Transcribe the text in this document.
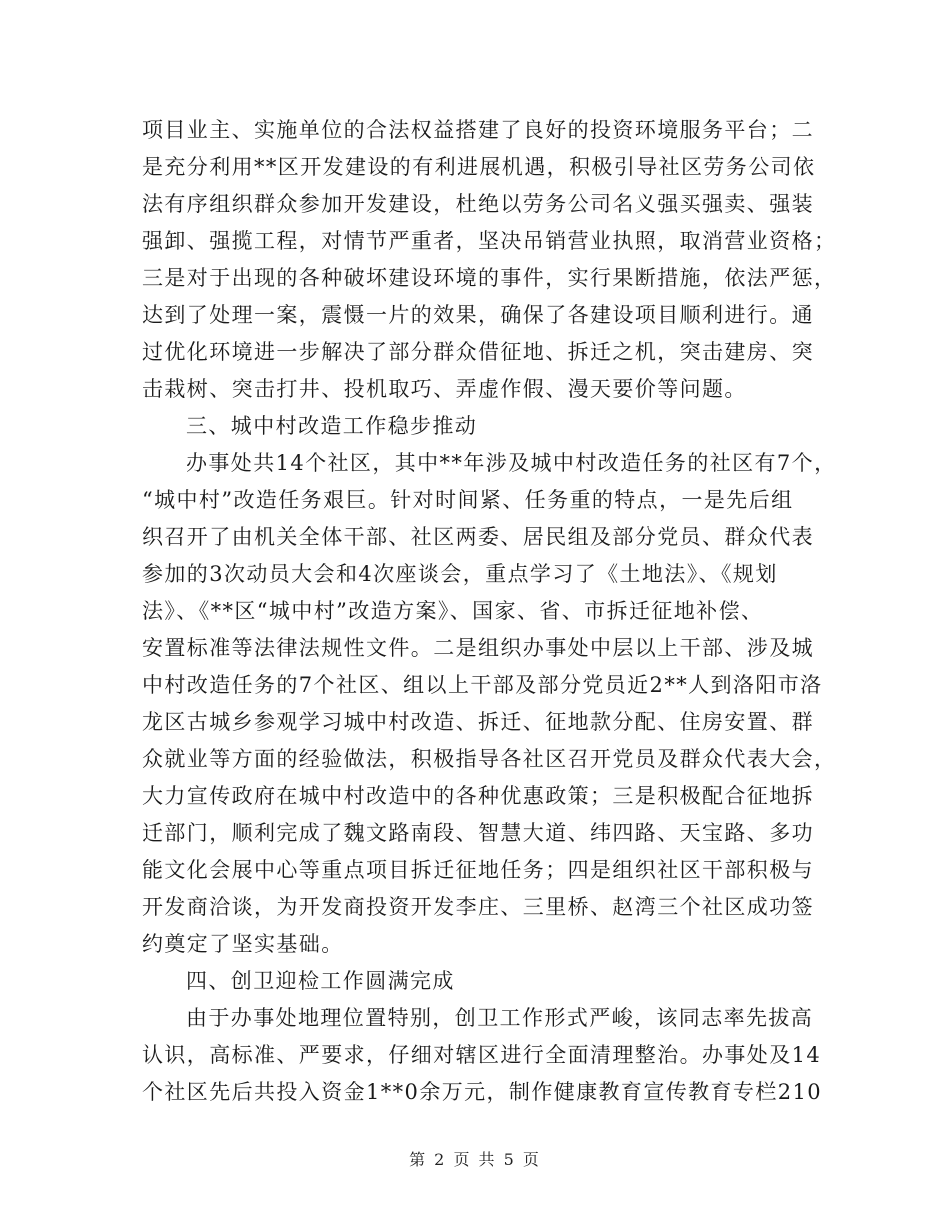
项目业主、实施单位的合法权益搭建了良好的投资环境服务平台；二
是充分利用**区开发建设的有利进展机遇，积极引导社区劳务公司依
法有序组织群众参加开发建设，杜绝以劳务公司名义强买强卖、强装
强卸、强揽工程，对情节严重者，坚决吊销营业执照，取消营业资格；
三是对于出现的各种破坏建设环境的事件，实行果断措施，依法严惩，
达到了处理一案，震慑一片的效果，确保了各建设项目顺利进行。通
过优化环境进一步解决了部分群众借征地、拆迁之机，突击建房、突
击栽树、突击打井、投机取巧、弄虚作假、漫天要价等问题。
三、城中村改造工作稳步推动
办事处共14个社区，其中**年涉及城中村改造任务的社区有7个，
“城中村”改造任务艰巨。针对时间紧、任务重的特点，一是先后组
织召开了由机关全体干部、社区两委、居民组及部分党员、群众代表
参加的3次动员大会和4次座谈会，重点学习了《土地法》、《规划
法》、《**区“城中村”改造方案》、国家、省、市拆迁征地补偿、
安置标准等法律法规性文件。二是组织办事处中层以上干部、涉及城
中村改造任务的7个社区、组以上干部及部分党员近2**人到洛阳市洛
龙区古城乡参观学习城中村改造、拆迁、征地款分配、住房安置、群
众就业等方面的经验做法，积极指导各社区召开党员及群众代表大会，
大力宣传政府在城中村改造中的各种优惠政策；三是积极配合征地拆
迁部门，顺利完成了魏文路南段、智慧大道、纬四路、天宝路、多功
能文化会展中心等重点项目拆迁征地任务；四是组织社区干部积极与
开发商洽谈，为开发商投资开发李庄、三里桥、赵湾三个社区成功签
约奠定了坚实基础。
四、创卫迎检工作圆满完成
由于办事处地理位置特别，创卫工作形式严峻，该同志率先拔高
认识，高标准、严要求，仔细对辖区进行全面清理整治。办事处及14
个社区先后共投入资金1**0余万元，制作健康教育宣传教育专栏210
第 2 页 共 5 页
